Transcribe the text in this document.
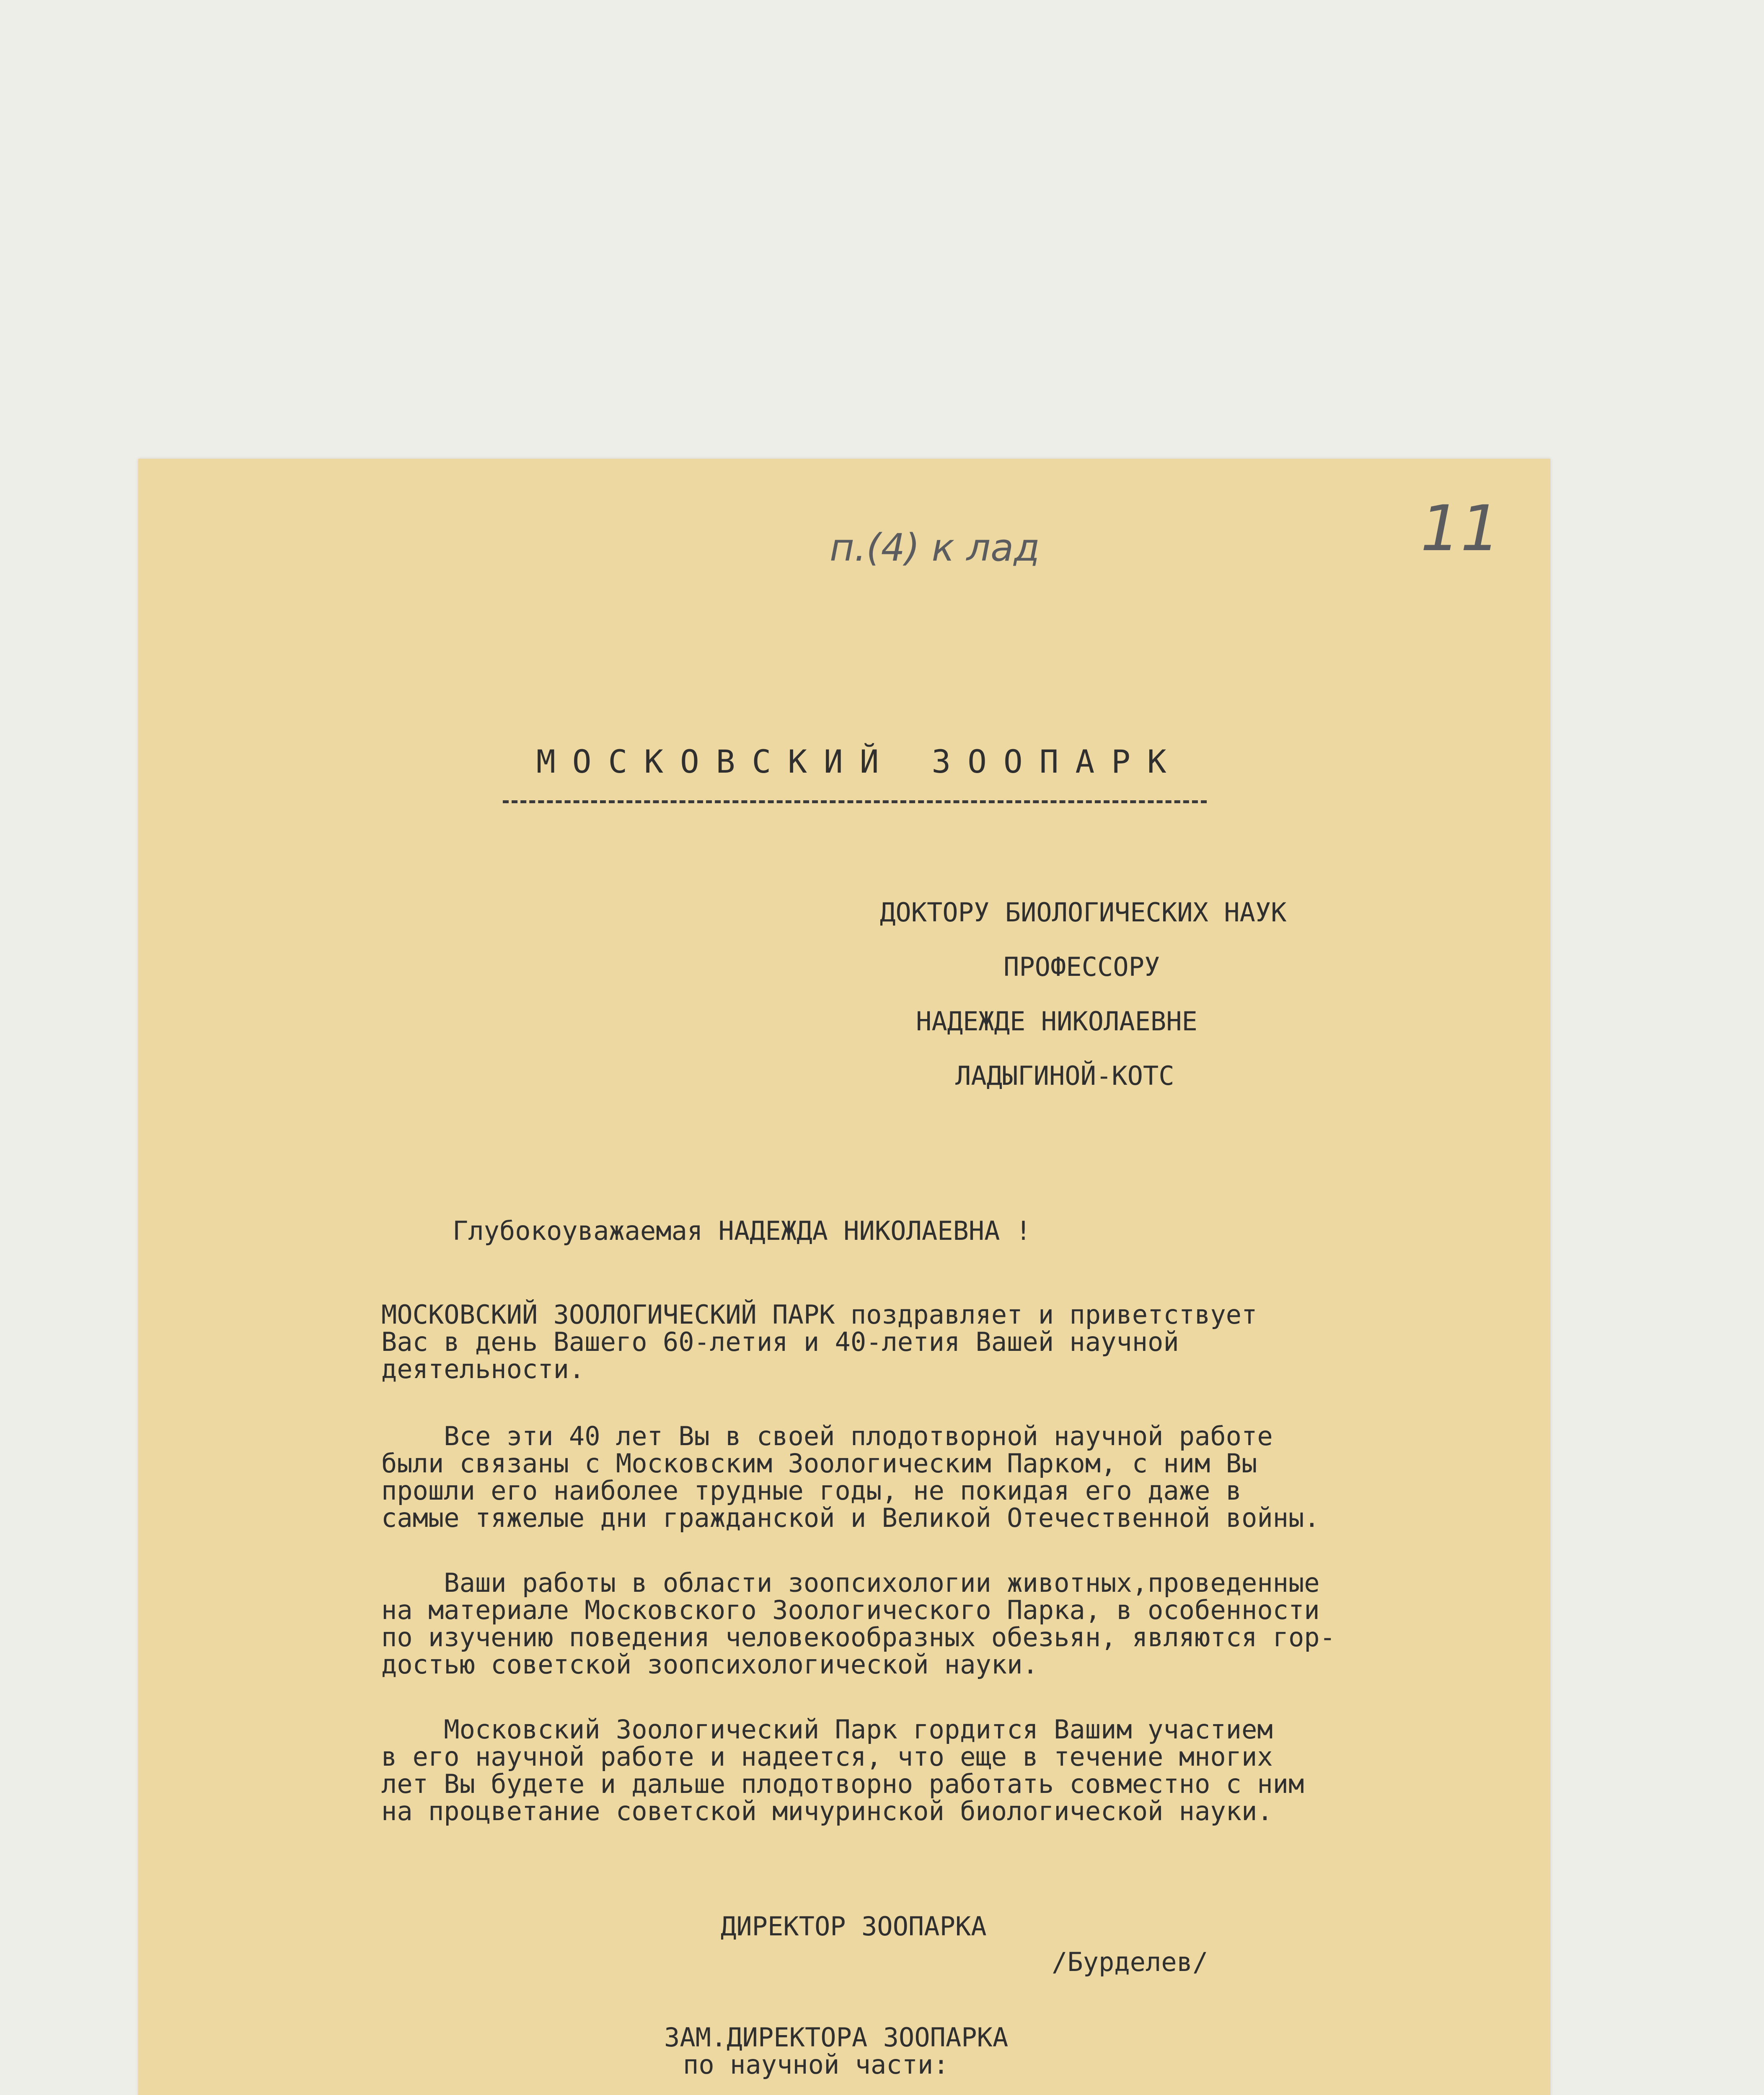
п.(4) к лад	11
МОСКОВСКИЙ ЗООПАРК
ДОКТОРУ БИОЛОГИЧЕСКИХ НАУК
ПРОФЕССОРУ
НАДЕЖДЕ НИКОЛАЕВНЕ
ЛАДЫГИНОЙ-КОТС
Глубокоуважаемая НАДЕЖДА НИКОЛАЕВНА !
МОСКОВСКИЙ ЗООЛОГИЧЕСКИЙ ПАРК поздравляет и приветствует
Вас в день Вашего 60-летия и 40-летия Вашей научной
деятельности.
Все эти 40 лет Вы в своей плодотворной научной работе
были связаны с Московским Зоологическим Парком, с ним Вы
прошли его наиболее трудные годы, не покидая его даже в
самые тяжелые дни гражданской и Великой Отечественной войны.
Ваши работы в области зоопсихологии животных,проведенные
на материале Московского Зоологического Парка, в особенности
по изучению поведения человекообразных обезьян, являются гор-
достью советской зоопсихологической науки.
Московский Зоологический Парк гордится Вашим участием
в его научной работе и надеется, что еще в течение многих
лет Вы будете и дальше плодотворно работать совместно с ним
на процветание советской мичуринской биологической науки.
ДИРЕКТОР ЗООПАРКА
/Бурделев/
ЗАМ.ДИРЕКТОРА ЗООПАРКА
по научной части:
